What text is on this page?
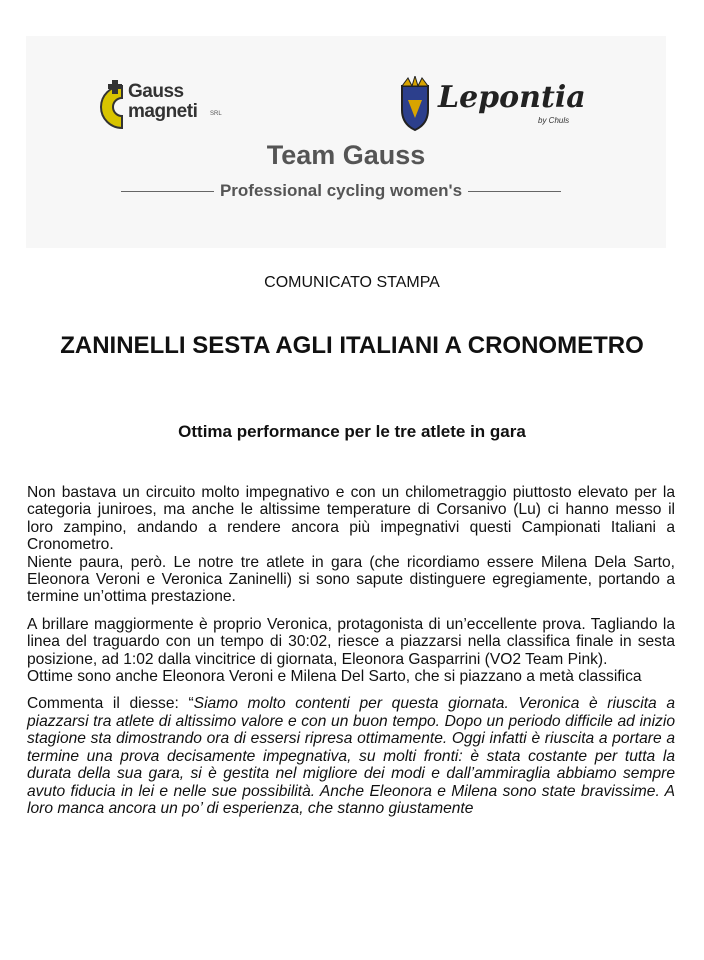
Gauss
magneti SRL	Lepontia
by Chuls
Team Gauss
Professional cycling women's
COMUNICATO STAMPA
ZANINELLI SESTA AGLI ITALIANI A CRONOMETRO
Ottima performance per le tre atlete in gara

Non bastava un circuito molto impegnativo e con un chilometraggio piuttosto elevato per la categoria juniroes, ma anche le altissime temperature di Corsanivo (Lu) ci hanno messo il loro zampino, andando a rendere ancora più impegnativi questi Campionati Italiani a Cronometro.

Niente paura, però. Le notre tre atlete in gara (che ricordiamo essere Milena Dela Sarto, Eleonora Veroni e Veronica Zaninelli) si sono sapute distinguere egregiamente, portando a termine un’ottima prestazione.

A brillare maggiormente è proprio Veronica, protagonista di un’eccellente prova. Tagliando la linea del traguardo con un tempo di 30:02, riesce a piazzarsi nella classifica finale in sesta posizione, ad 1:02 dalla vincitrice di giornata, Eleonora Gasparrini (VO2 Team Pink).

Ottime sono anche Eleonora Veroni e Milena Del Sarto, che si piazzano a metà classifica

Commenta il diesse: “Siamo molto contenti per questa giornata. Veronica è riuscita a piazzarsi tra atlete di altissimo valore e con un buon tempo. Dopo un periodo difficile ad inizio stagione sta dimostrando ora di essersi ripresa ottimamente. Oggi infatti è riuscita a portare a termine una prova decisamente impegnativa, su molti fronti: è stata costante per tutta la durata della sua gara, si è gestita nel migliore dei modi e dall’ammiraglia abbiamo sempre avuto fiducia in lei e nelle sue possibilità. Anche Eleonora e Milena sono state bravissime. A loro manca ancora un po’ di esperienza, che stanno giustamente
